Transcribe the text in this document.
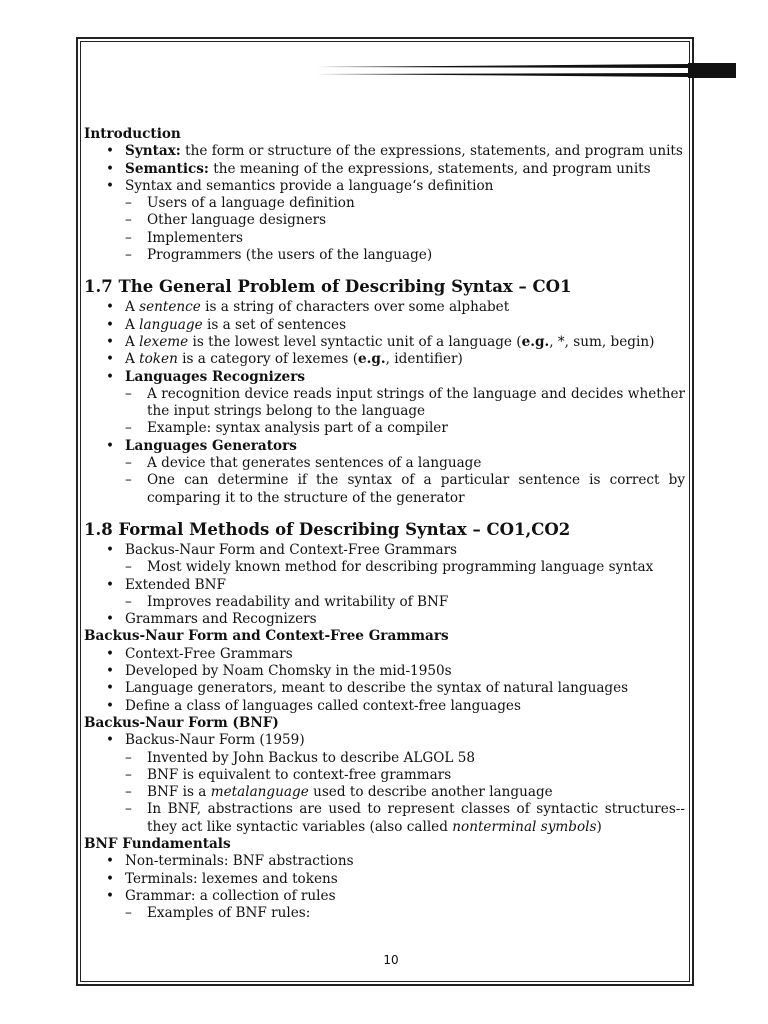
Introduction

• Syntax: the form or structure of the expressions, statements, and program units
• Semantics: the meaning of the expressions, statements, and program units
• Syntax and semantics provide a language‘s definition
– Users of a language definition
– Other language designers
– Implementers
– Programmers (the users of the language)

1.7 The General Problem of Describing Syntax – CO1

• A sentence is a string of characters over some alphabet
• A language is a set of sentences
• A lexeme is the lowest level syntactic unit of a language (e.g., *, sum, begin)
• A token is a category of lexemes (e.g., identifier)
• Languages Recognizers
– A recognition device reads input strings of the language and decides whether the input strings belong to the language
– Example: syntax analysis part of a compiler
• Languages Generators
– A device that generates sentences of a language
– One can determine if the syntax of a particular sentence is correct by comparing it to the structure of the generator

1.8 Formal Methods of Describing Syntax – CO1,CO2

• Backus-Naur Form and Context-Free Grammars
– Most widely known method for describing programming language syntax
• Extended BNF
– Improves readability and writability of BNF
• Grammars and Recognizers

Backus-Naur Form and Context-Free Grammars

• Context-Free Grammars
• Developed by Noam Chomsky in the mid-1950s
• Language generators, meant to describe the syntax of natural languages
• Define a class of languages called context-free languages

Backus-Naur Form (BNF)

• Backus-Naur Form (1959)
– Invented by John Backus to describe ALGOL 58
– BNF is equivalent to context-free grammars
– BNF is a metalanguage used to describe another language
– In BNF, abstractions are used to represent classes of syntactic structures-- they act like syntactic variables (also called nonterminal symbols)

BNF Fundamentals

• Non-terminals: BNF abstractions
• Terminals: lexemes and tokens
• Grammar: a collection of rules
– Examples of BNF rules:
10
